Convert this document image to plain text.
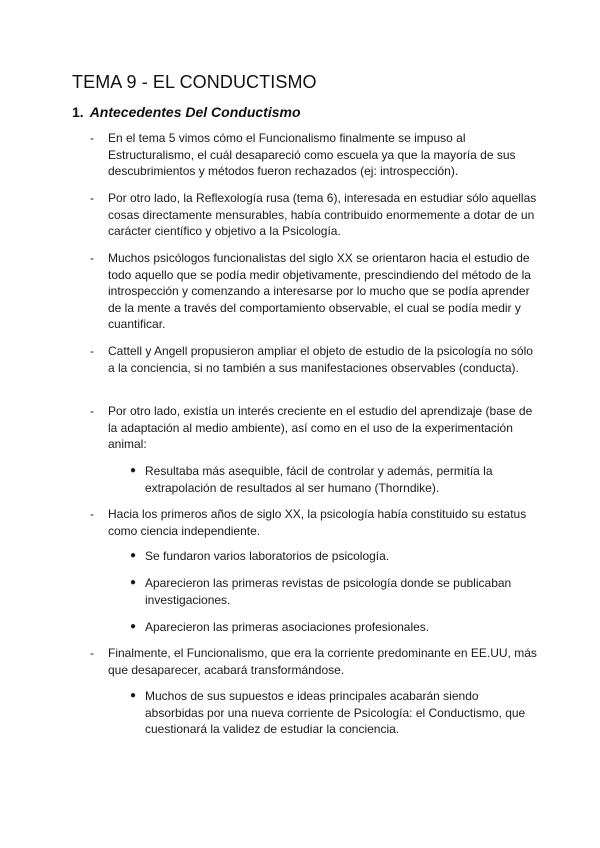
TEMA 9 - EL CONDUCTISMO
1. Antecedentes Del Conductismo
- En el tema 5 vimos cómo el Funcionalismo finalmente se impuso al Estructuralismo, el cuál desapareció como escuela ya que la mayoría de sus descubrimientos y métodos fueron rechazados (ej: introspección).
- Por otro lado, la Reflexología rusa (tema 6), interesada en estudiar sólo aquellas cosas directamente mensurables, había contribuido enormemente a dotar de un carácter científico y objetivo a la Psicología.
- Muchos psicólogos funcionalistas del siglo XX se orientaron hacia el estudio de todo aquello que se podía medir objetivamente, prescindiendo del método de la introspección y comenzando a interesarse por lo mucho que se podía aprender de la mente a través del comportamiento observable, el cual se podía medir y cuantificar.
- Cattell y Angell propusieron ampliar el objeto de estudio de la psicología no sólo a la conciencia, si no también a sus manifestaciones observables (conducta).
- Por otro lado, existía un interés creciente en el estudio del aprendizaje (base de la adaptación al medio ambiente), así como en el uso de la experimentación animal:
● Resultaba más asequible, fácil de controlar y además, permitía la extrapolación de resultados al ser humano (Thorndike).
- Hacia los primeros años de siglo XX, la psicología había constituido su estatus como ciencia independiente.
● Se fundaron varios laboratorios de psicología.
● Aparecieron las primeras revistas de psicología donde se publicaban investigaciones.
● Aparecieron las primeras asociaciones profesionales.
- Finalmente, el Funcionalismo, que era la corriente predominante en EE.UU, más que desaparecer, acabará transformándose.
● Muchos de sus supuestos e ideas principales acabarán siendo absorbidas por una nueva corriente de Psicología: el Conductismo, que cuestionará la validez de estudiar la conciencia.
